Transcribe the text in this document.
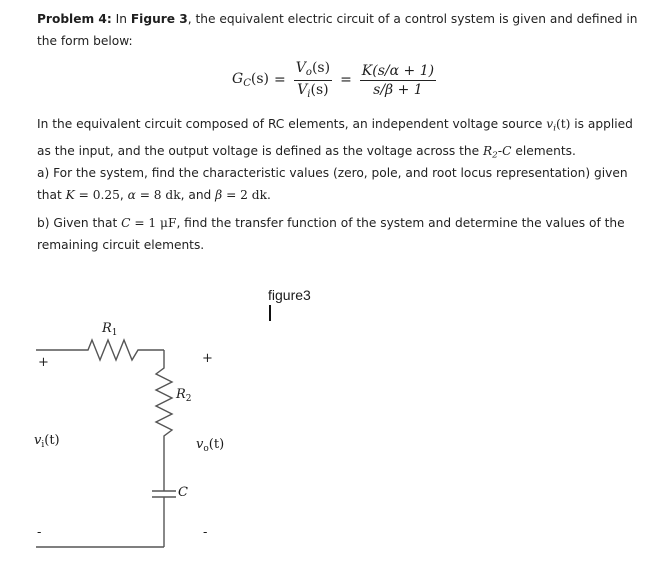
Problem 4: In Figure 3, the equivalent electric circuit of a control system is given and defined in the form below:
$G_C(s) = \frac{V_o(s)}{V_i(s)} = \frac{K(s/\alpha + 1)}{s/\beta + 1}$
In the equivalent circuit composed of RC elements, an independent voltage source $v_i(t)$ is applied as the input, and the output voltage is defined as the voltage across the $R_2-C$ elements.
a) For the system, find the characteristic values (zero, pole, and root locus representation) given that K = 0.25, α = 8 dk, and β = 2 dk.
b) Given that C = 1 μF, find the transfer function of the system and determine the values of the remaining circuit elements.
figure3
$R_1$
$R_2$
C
+	+
$v_i(t)$	$v_o(t)$
-	-
